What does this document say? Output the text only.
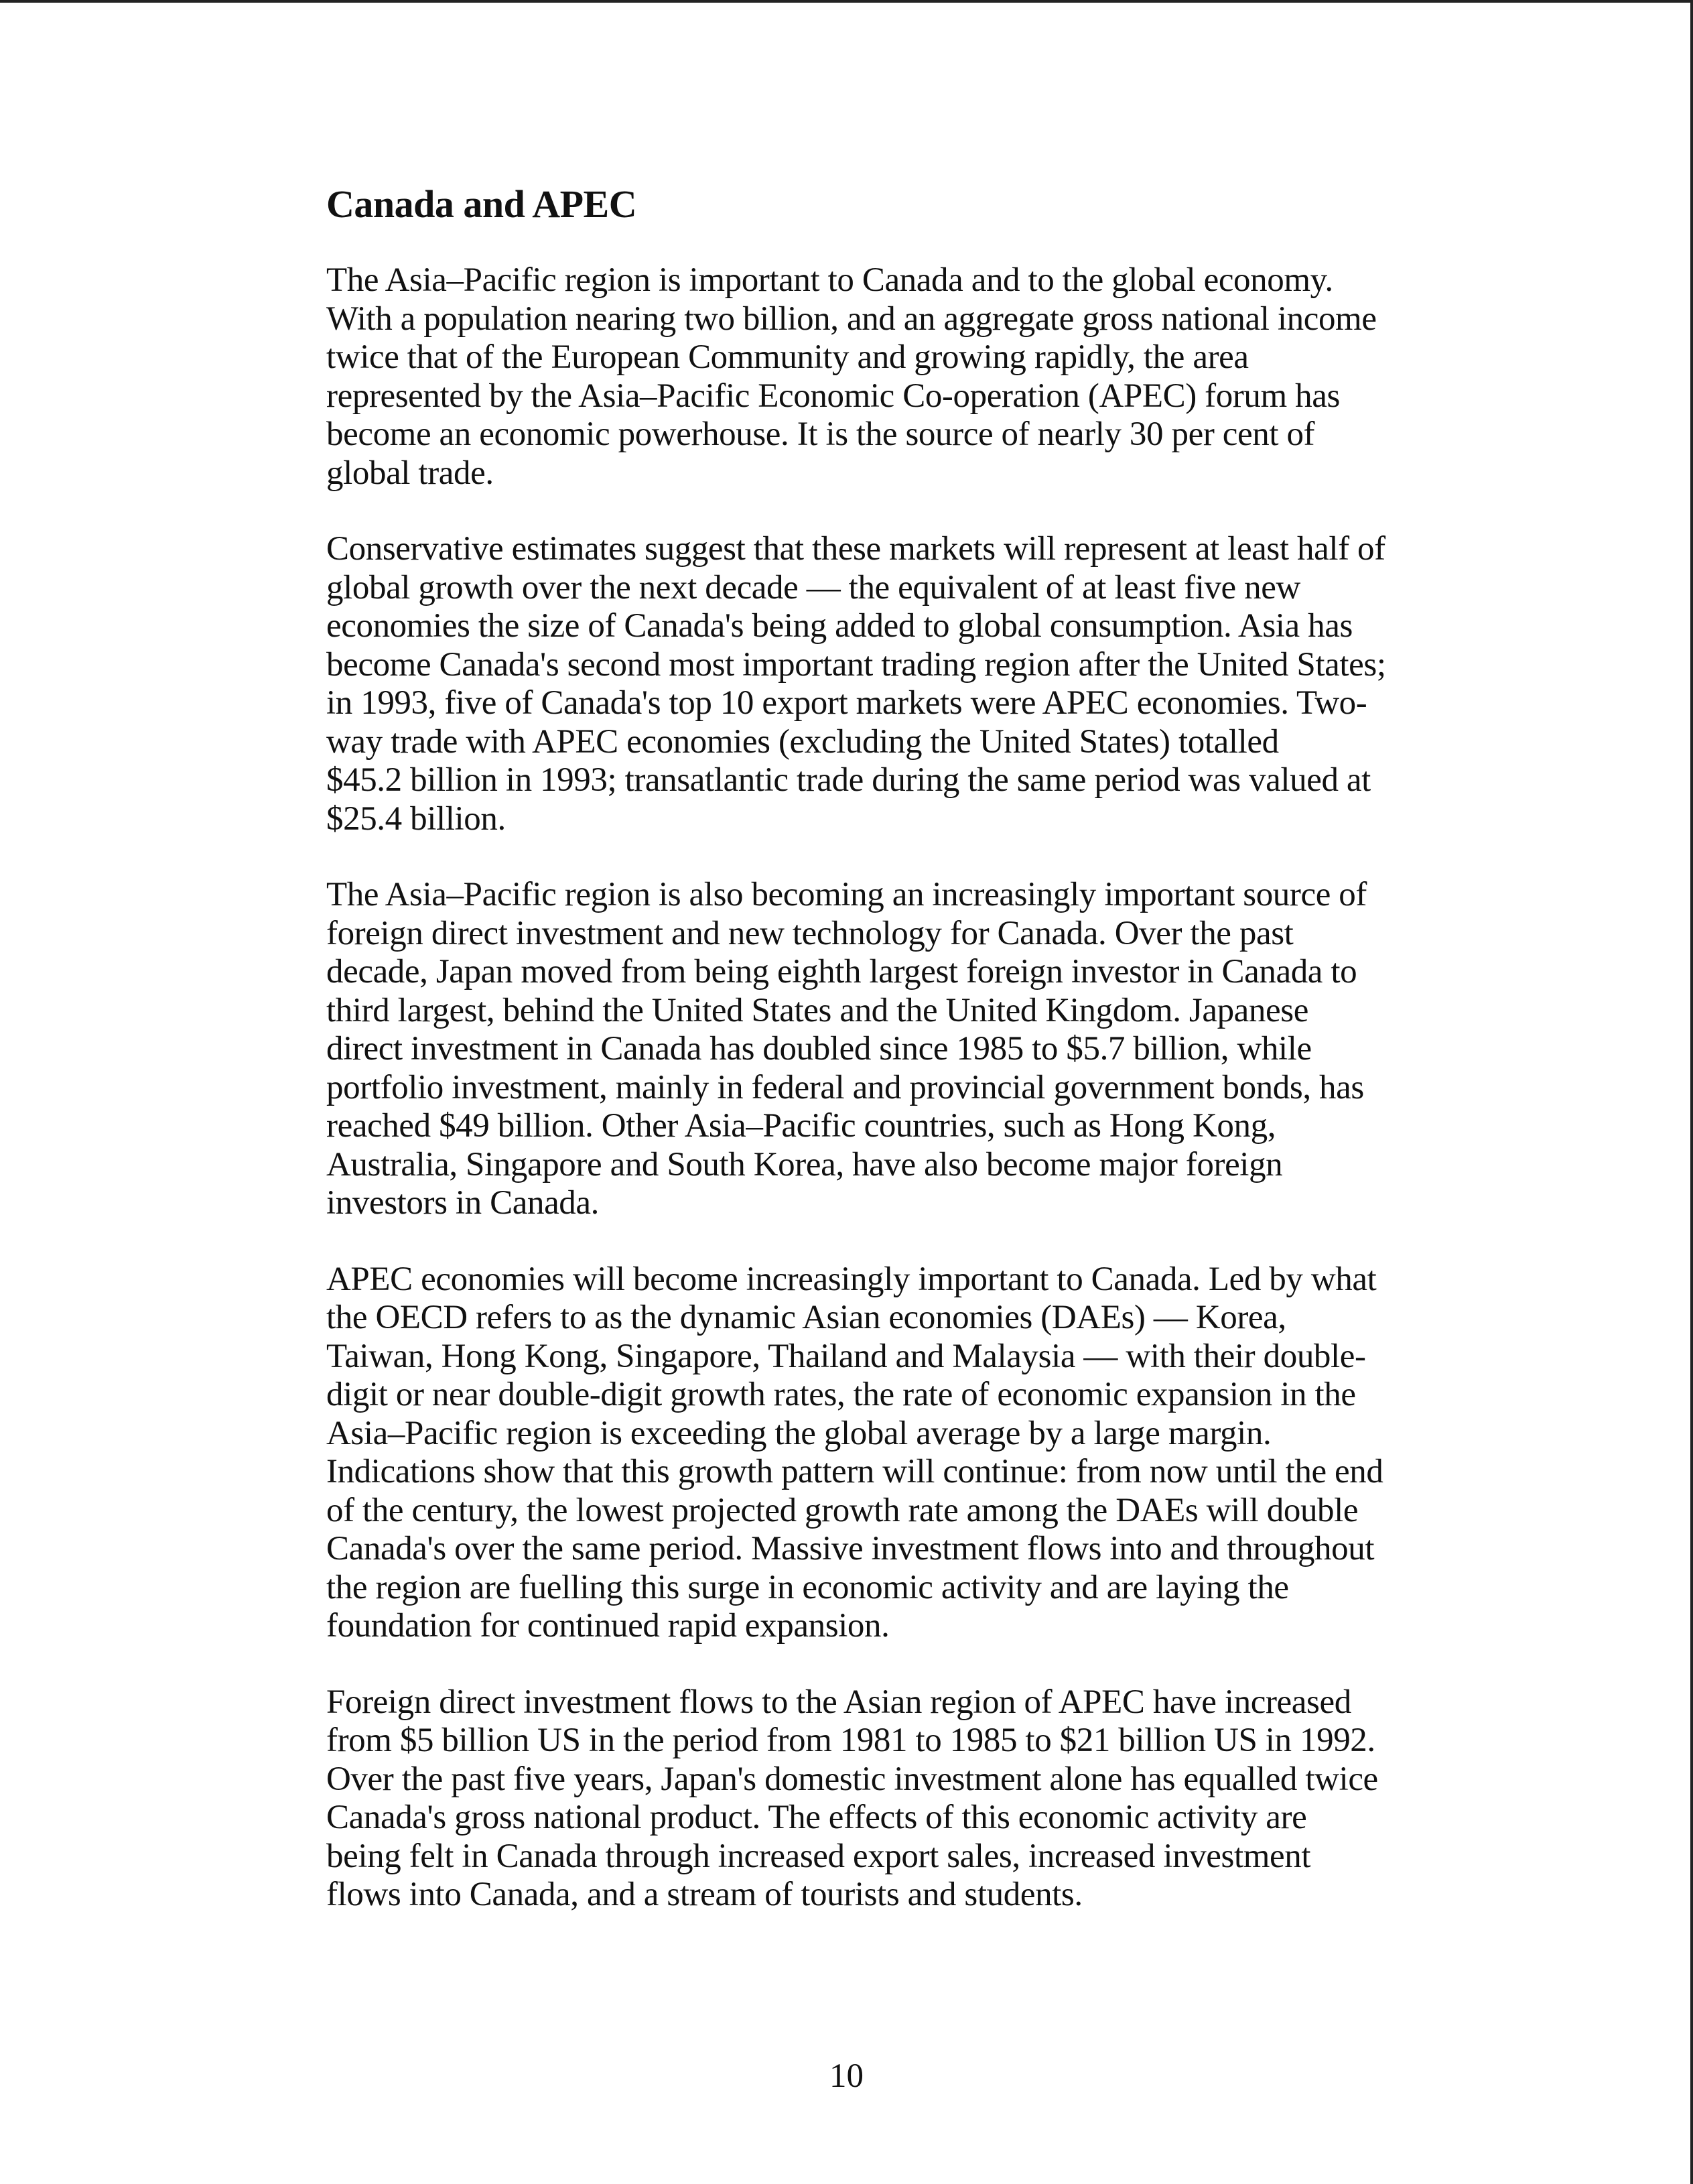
Canada and APEC
The Asia–Pacific region is important to Canada and to the global economy.
With a population nearing two billion, and an aggregate gross national income
twice that of the European Community and growing rapidly, the area
represented by the Asia–Pacific Economic Co-operation (APEC) forum has
become an economic powerhouse. It is the source of nearly 30 per cent of
global trade.
Conservative estimates suggest that these markets will represent at least half of
global growth over the next decade — the equivalent of at least five new
economies the size of Canada's being added to global consumption. Asia has
become Canada's second most important trading region after the United States;
in 1993, five of Canada's top 10 export markets were APEC economies. Two-
way trade with APEC economies (excluding the United States) totalled
$45.2 billion in 1993; transatlantic trade during the same period was valued at
$25.4 billion.
The Asia–Pacific region is also becoming an increasingly important source of
foreign direct investment and new technology for Canada. Over the past
decade, Japan moved from being eighth largest foreign investor in Canada to
third largest, behind the United States and the United Kingdom. Japanese
direct investment in Canada has doubled since 1985 to $5.7 billion, while
portfolio investment, mainly in federal and provincial government bonds, has
reached $49 billion. Other Asia–Pacific countries, such as Hong Kong,
Australia, Singapore and South Korea, have also become major foreign
investors in Canada.
APEC economies will become increasingly important to Canada. Led by what
the OECD refers to as the dynamic Asian economies (DAEs) — Korea,
Taiwan, Hong Kong, Singapore, Thailand and Malaysia — with their double-
digit or near double-digit growth rates, the rate of economic expansion in the
Asia–Pacific region is exceeding the global average by a large margin.
Indications show that this growth pattern will continue: from now until the end
of the century, the lowest projected growth rate among the DAEs will double
Canada's over the same period. Massive investment flows into and throughout
the region are fuelling this surge in economic activity and are laying the
foundation for continued rapid expansion.
Foreign direct investment flows to the Asian region of APEC have increased
from $5 billion US in the period from 1981 to 1985 to $21 billion US in 1992.
Over the past five years, Japan's domestic investment alone has equalled twice
Canada's gross national product. The effects of this economic activity are
being felt in Canada through increased export sales, increased investment
flows into Canada, and a stream of tourists and students.
10
